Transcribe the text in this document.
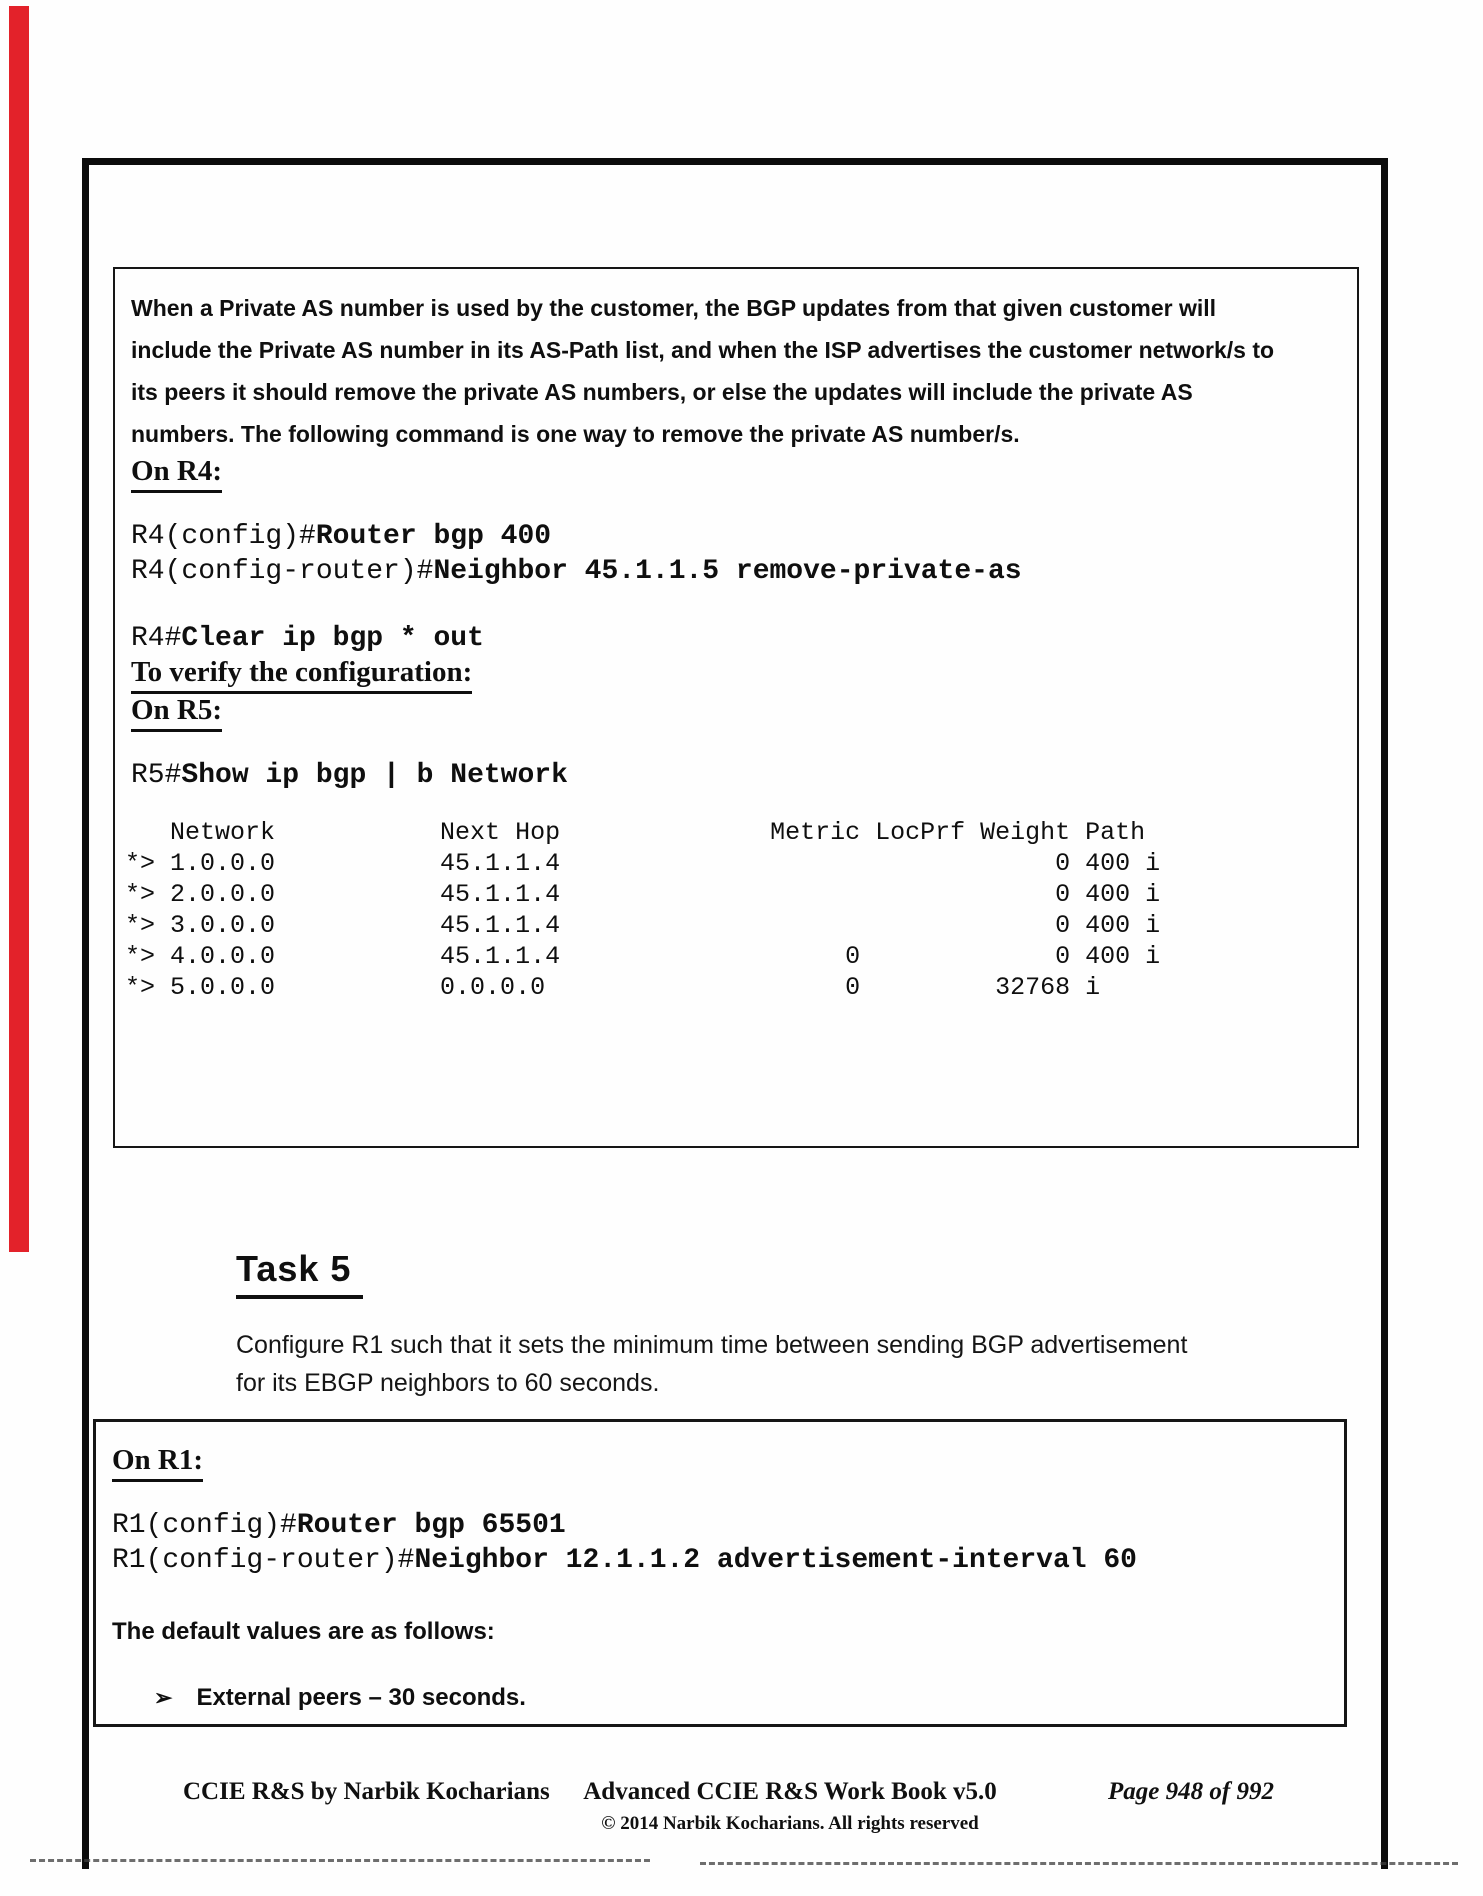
When a Private AS number is used by the customer, the BGP updates from that given customer will
include the Private AS number in its AS-Path list, and when the ISP advertises the customer network/s to
its peers it should remove the private AS numbers, or else the updates will include the private AS
numbers. The following command is one way to remove the private AS number/s.
On R4:
R4(config)#Router bgp 400
R4(config-router)#Neighbor 45.1.1.5 remove-private-as
R4#Clear ip bgp * out
To verify the configuration:
On R5:
R5#Show ip bgp | b Network
Network           Next Hop              Metric LocPrf Weight Path
*> 1.0.0.0           45.1.1.4                                 0 400 i
*> 2.0.0.0           45.1.1.4                                 0 400 i
*> 3.0.0.0           45.1.1.4                                 0 400 i
*> 4.0.0.0           45.1.1.4                   0             0 400 i
*> 5.0.0.0           0.0.0.0                    0         32768 i
Task 5
Configure R1 such that it sets the minimum time between sending BGP advertisement
for its EBGP neighbors to 60 seconds.
On R1:
R1(config)#Router bgp 65501
R1(config-router)#Neighbor 12.1.1.2 advertisement-interval 60
The default values are as follows:
➢ External peers – 30 seconds.
CCIE R&S by Narbik Kocharians	Advanced CCIE R&S Work Book v5.0
© 2014 Narbik Kocharians. All rights reserved
Page 948 of 992
